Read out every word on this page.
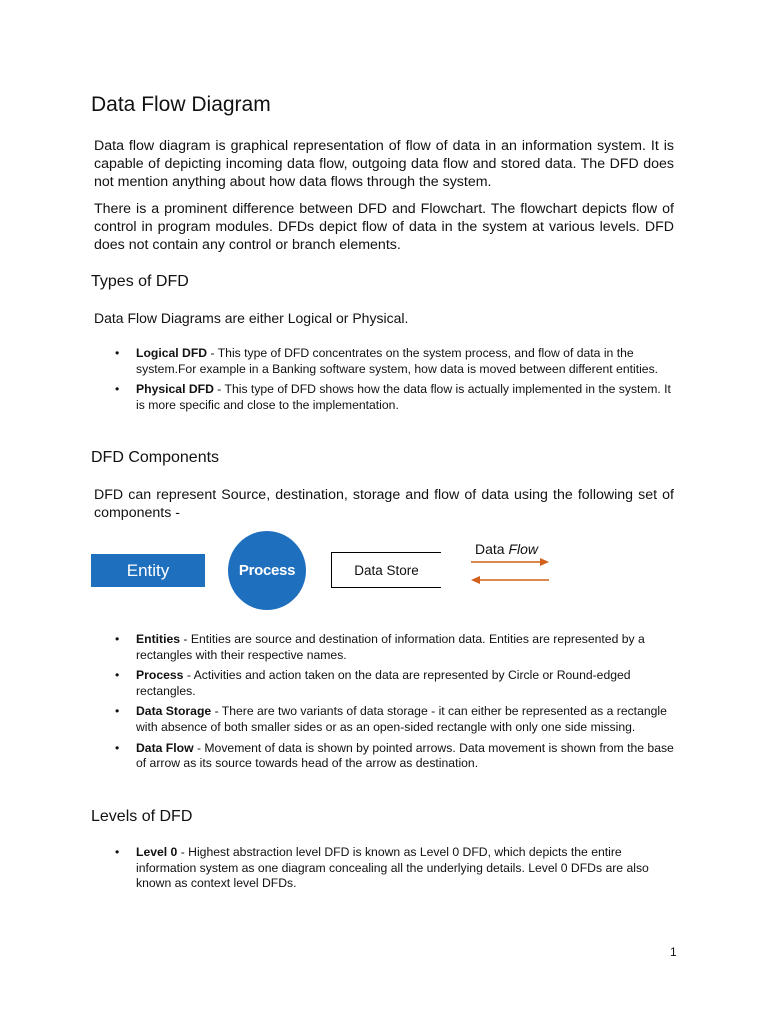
Data Flow Diagram
Data flow diagram is graphical representation of flow of data in an information system. It is capable of depicting incoming data flow, outgoing data flow and stored data. The DFD does not mention anything about how data flows through the system.
There is a prominent difference between DFD and Flowchart. The flowchart depicts flow of control in program modules. DFDs depict flow of data in the system at various levels. DFD does not contain any control or branch elements.
Types of DFD
Data Flow Diagrams are either Logical or Physical.
• Logical DFD - This type of DFD concentrates on the system process, and flow of data in the system.For example in a Banking software system, how data is moved between different entities.
• Physical DFD - This type of DFD shows how the data flow is actually implemented in the system. It is more specific and close to the implementation.
DFD Components
DFD can represent Source, destination, storage and flow of data using the following set of components -
Entity	Process	Data Store
Data Flow
• Entities - Entities are source and destination of information data. Entities are represented by a rectangles with their respective names.
• Process - Activities and action taken on the data are represented by Circle or Round-edged rectangles.
• Data Storage - There are two variants of data storage - it can either be represented as a rectangle with absence of both smaller sides or as an open-sided rectangle with only one side missing.
• Data Flow - Movement of data is shown by pointed arrows. Data movement is shown from the base of arrow as its source towards head of the arrow as destination.
Levels of DFD
• Level 0 - Highest abstraction level DFD is known as Level 0 DFD, which depicts the entire information system as one diagram concealing all the underlying details. Level 0 DFDs are also known as context level DFDs.
1
